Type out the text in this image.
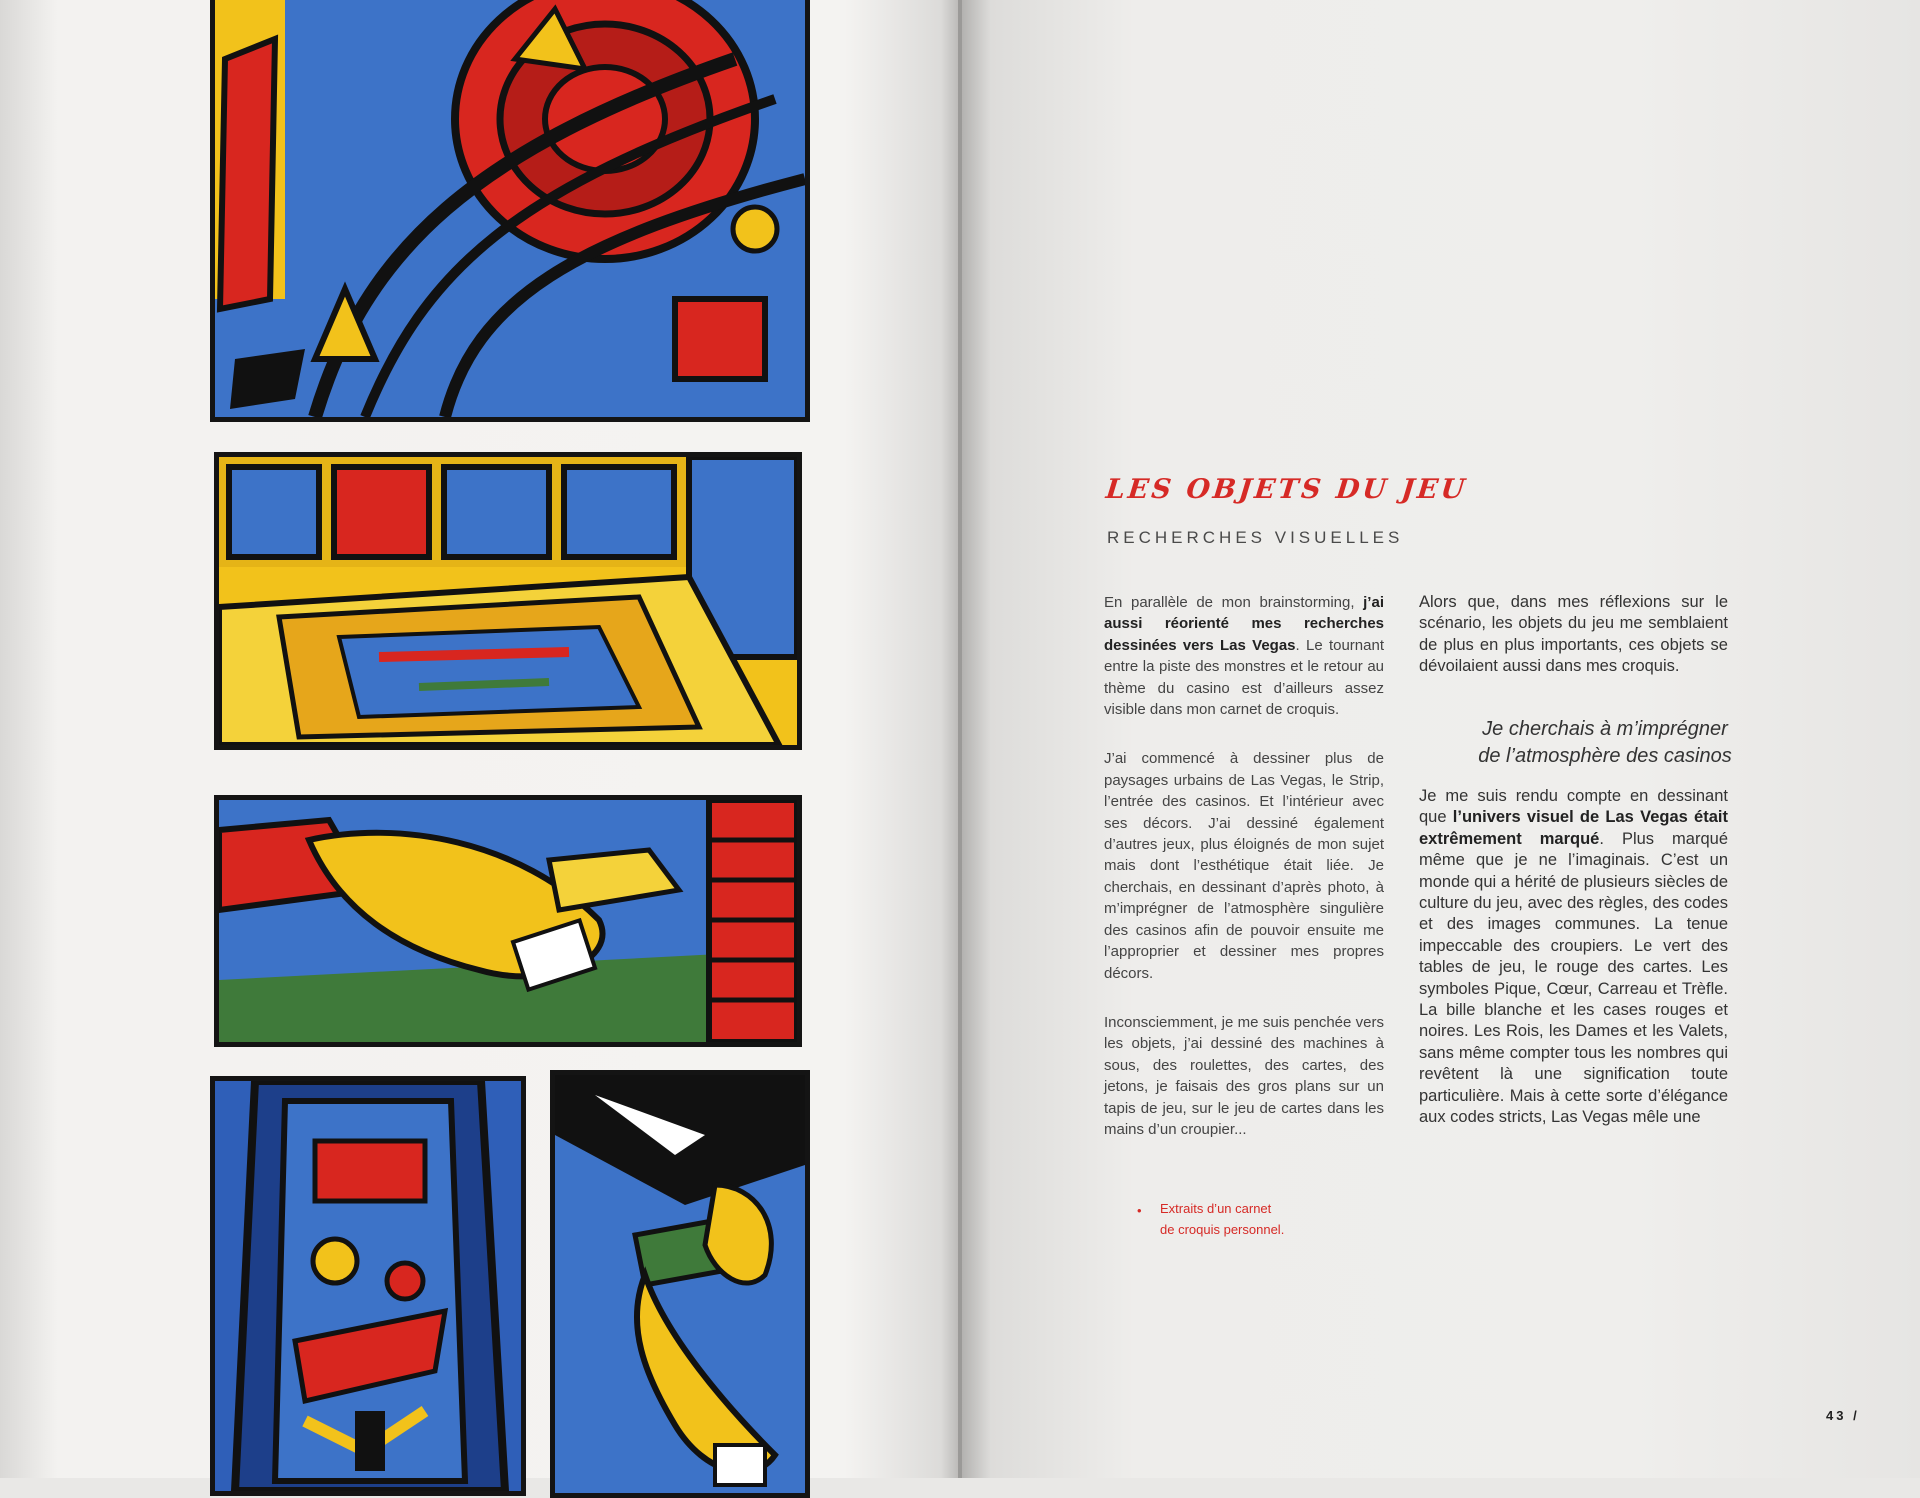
LES OBJETS DU JEU
RECHERCHES VISUELLES

En parallèle de mon brainstorming, j’ai aussi réorienté mes recherches dessinées vers Las Vegas. Le tournant entre la piste des monstres et le retour au thème du casino est d’ailleurs assez visible dans mon carnet de croquis.

J’ai commencé à dessiner plus de paysages urbains de Las Vegas, le Strip, l’entrée des casinos. Et l’intérieur avec ses décors. J’ai dessiné également d’autres jeux, plus éloignés de mon sujet mais dont l’esthétique était liée. Je cherchais, en dessinant d’après photo, à m’imprégner de l’atmosphère singulière des casinos afin de pouvoir ensuite me l’approprier et dessiner mes propres décors.

Inconsciemment, je me suis penchée vers les objets, j’ai dessiné des machines à sous, des roulettes, des cartes, des jetons, je faisais des gros plans sur un tapis de jeu, sur le jeu de cartes dans les mains d’un croupier...

Alors que, dans mes réflexions sur le scénario, les objets du jeu me semblaient de plus en plus importants, ces objets se dévoilaient aussi dans mes croquis.

Je cherchais à m’imprégner
de l’atmosphère des casinos

Je me suis rendu compte en dessinant que l’univers visuel de Las Vegas était extrêmement marqué. Plus marqué même que je ne l’imaginais. C’est un monde qui a hérité de plusieurs siècles de culture du jeu, avec des règles, des codes et des images communes. La tenue impeccable des croupiers. Le vert des tables de jeu, le rouge des cartes. Les symboles Pique, Cœur, Carreau et Trèfle. La bille blanche et les cases rouges et noires. Les Rois, les Dames et les Valets, sans même compter tous les nombres qui revêtent là une signification toute particulière. Mais à cette sorte d’élégance aux codes stricts, Las Vegas mêle une

• Extraits d’un carnet
de croquis personnel.
43 /
